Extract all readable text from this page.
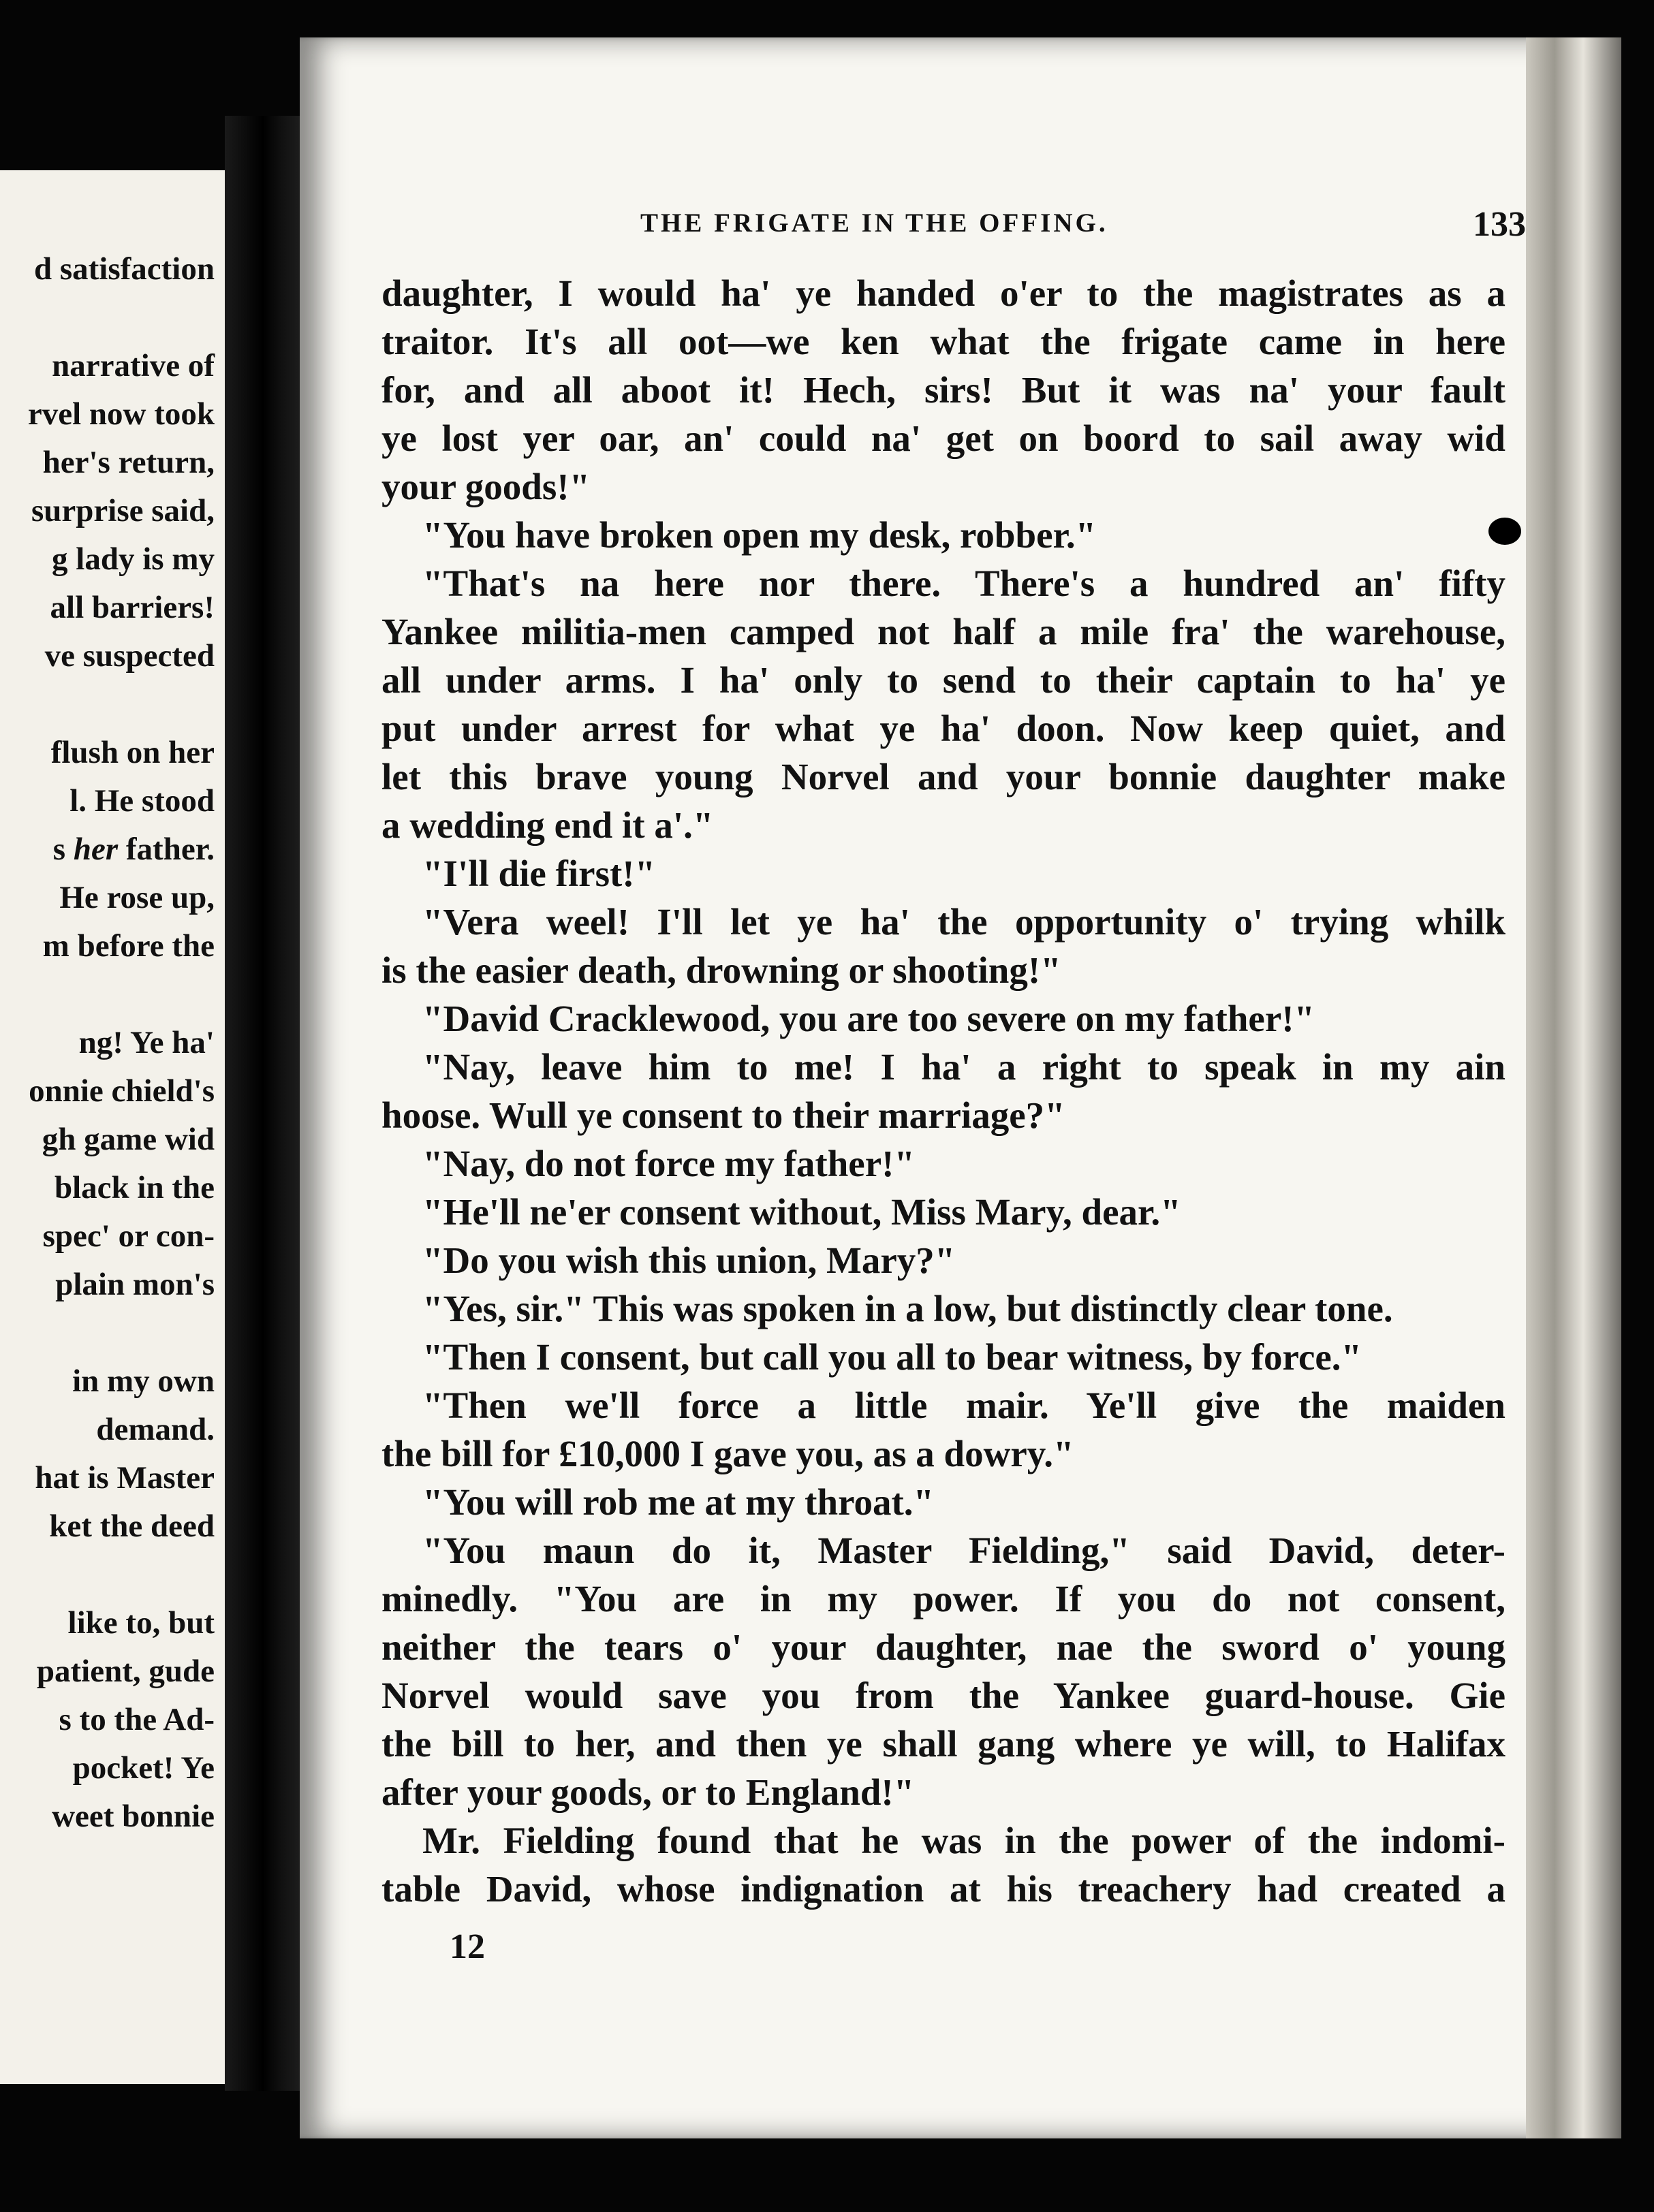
d satisfaction
narrative of
rvel now took
her's return,
surprise said,
g lady is my
all barriers!
ve suspected
flush on her
l. He stood
s her father.
He rose up,
m before the
ng! Ye ha'
onnie chield's
gh game wid
black in the
spec' or con-
plain mon's
in my own
demand.
hat is Master
ket the deed
like to, but
patient, gude
s to the Ad-
pocket! Ye
weet bonnie
THE FRIGATE IN THE OFFING.	133
daughter, I would ha' ye handed o'er to the magistrates as a
traitor. It's all oot—we ken what the frigate came in here
for, and all aboot it! Hech, sirs! But it was na' your fault
ye lost yer oar, an' could na' get on boord to sail away wid
your goods!"
"You have broken open my desk, robber."
"That's na here nor there. There's a hundred an' fifty
Yankee militia-men camped not half a mile fra' the warehouse,
all under arms. I ha' only to send to their captain to ha' ye
put under arrest for what ye ha' doon. Now keep quiet, and
let this brave young Norvel and your bonnie daughter make
a wedding end it a'."
"I'll die first!"
"Vera weel! I'll let ye ha' the opportunity o' trying whilk
is the easier death, drowning or shooting!"
"David Cracklewood, you are too severe on my father!"
"Nay, leave him to me! I ha' a right to speak in my ain
hoose. Wull ye consent to their marriage?"
"Nay, do not force my father!"
"He'll ne'er consent without, Miss Mary, dear."
"Do you wish this union, Mary?"
"Yes, sir." This was spoken in a low, but distinctly clear tone.
"Then I consent, but call you all to bear witness, by force."
"Then we'll force a little mair. Ye'll give the maiden
the bill for £10,000 I gave you, as a dowry."
"You will rob me at my throat."
"You maun do it, Master Fielding," said David, deter-
minedly. "You are in my power. If you do not consent,
neither the tears o' your daughter, nae the sword o' young
Norvel would save you from the Yankee guard-house. Gie
the bill to her, and then ye shall gang where ye will, to Halifax
after your goods, or to England!"
Mr. Fielding found that he was in the power of the indomi-
table David, whose indignation at his treachery had created a
12
